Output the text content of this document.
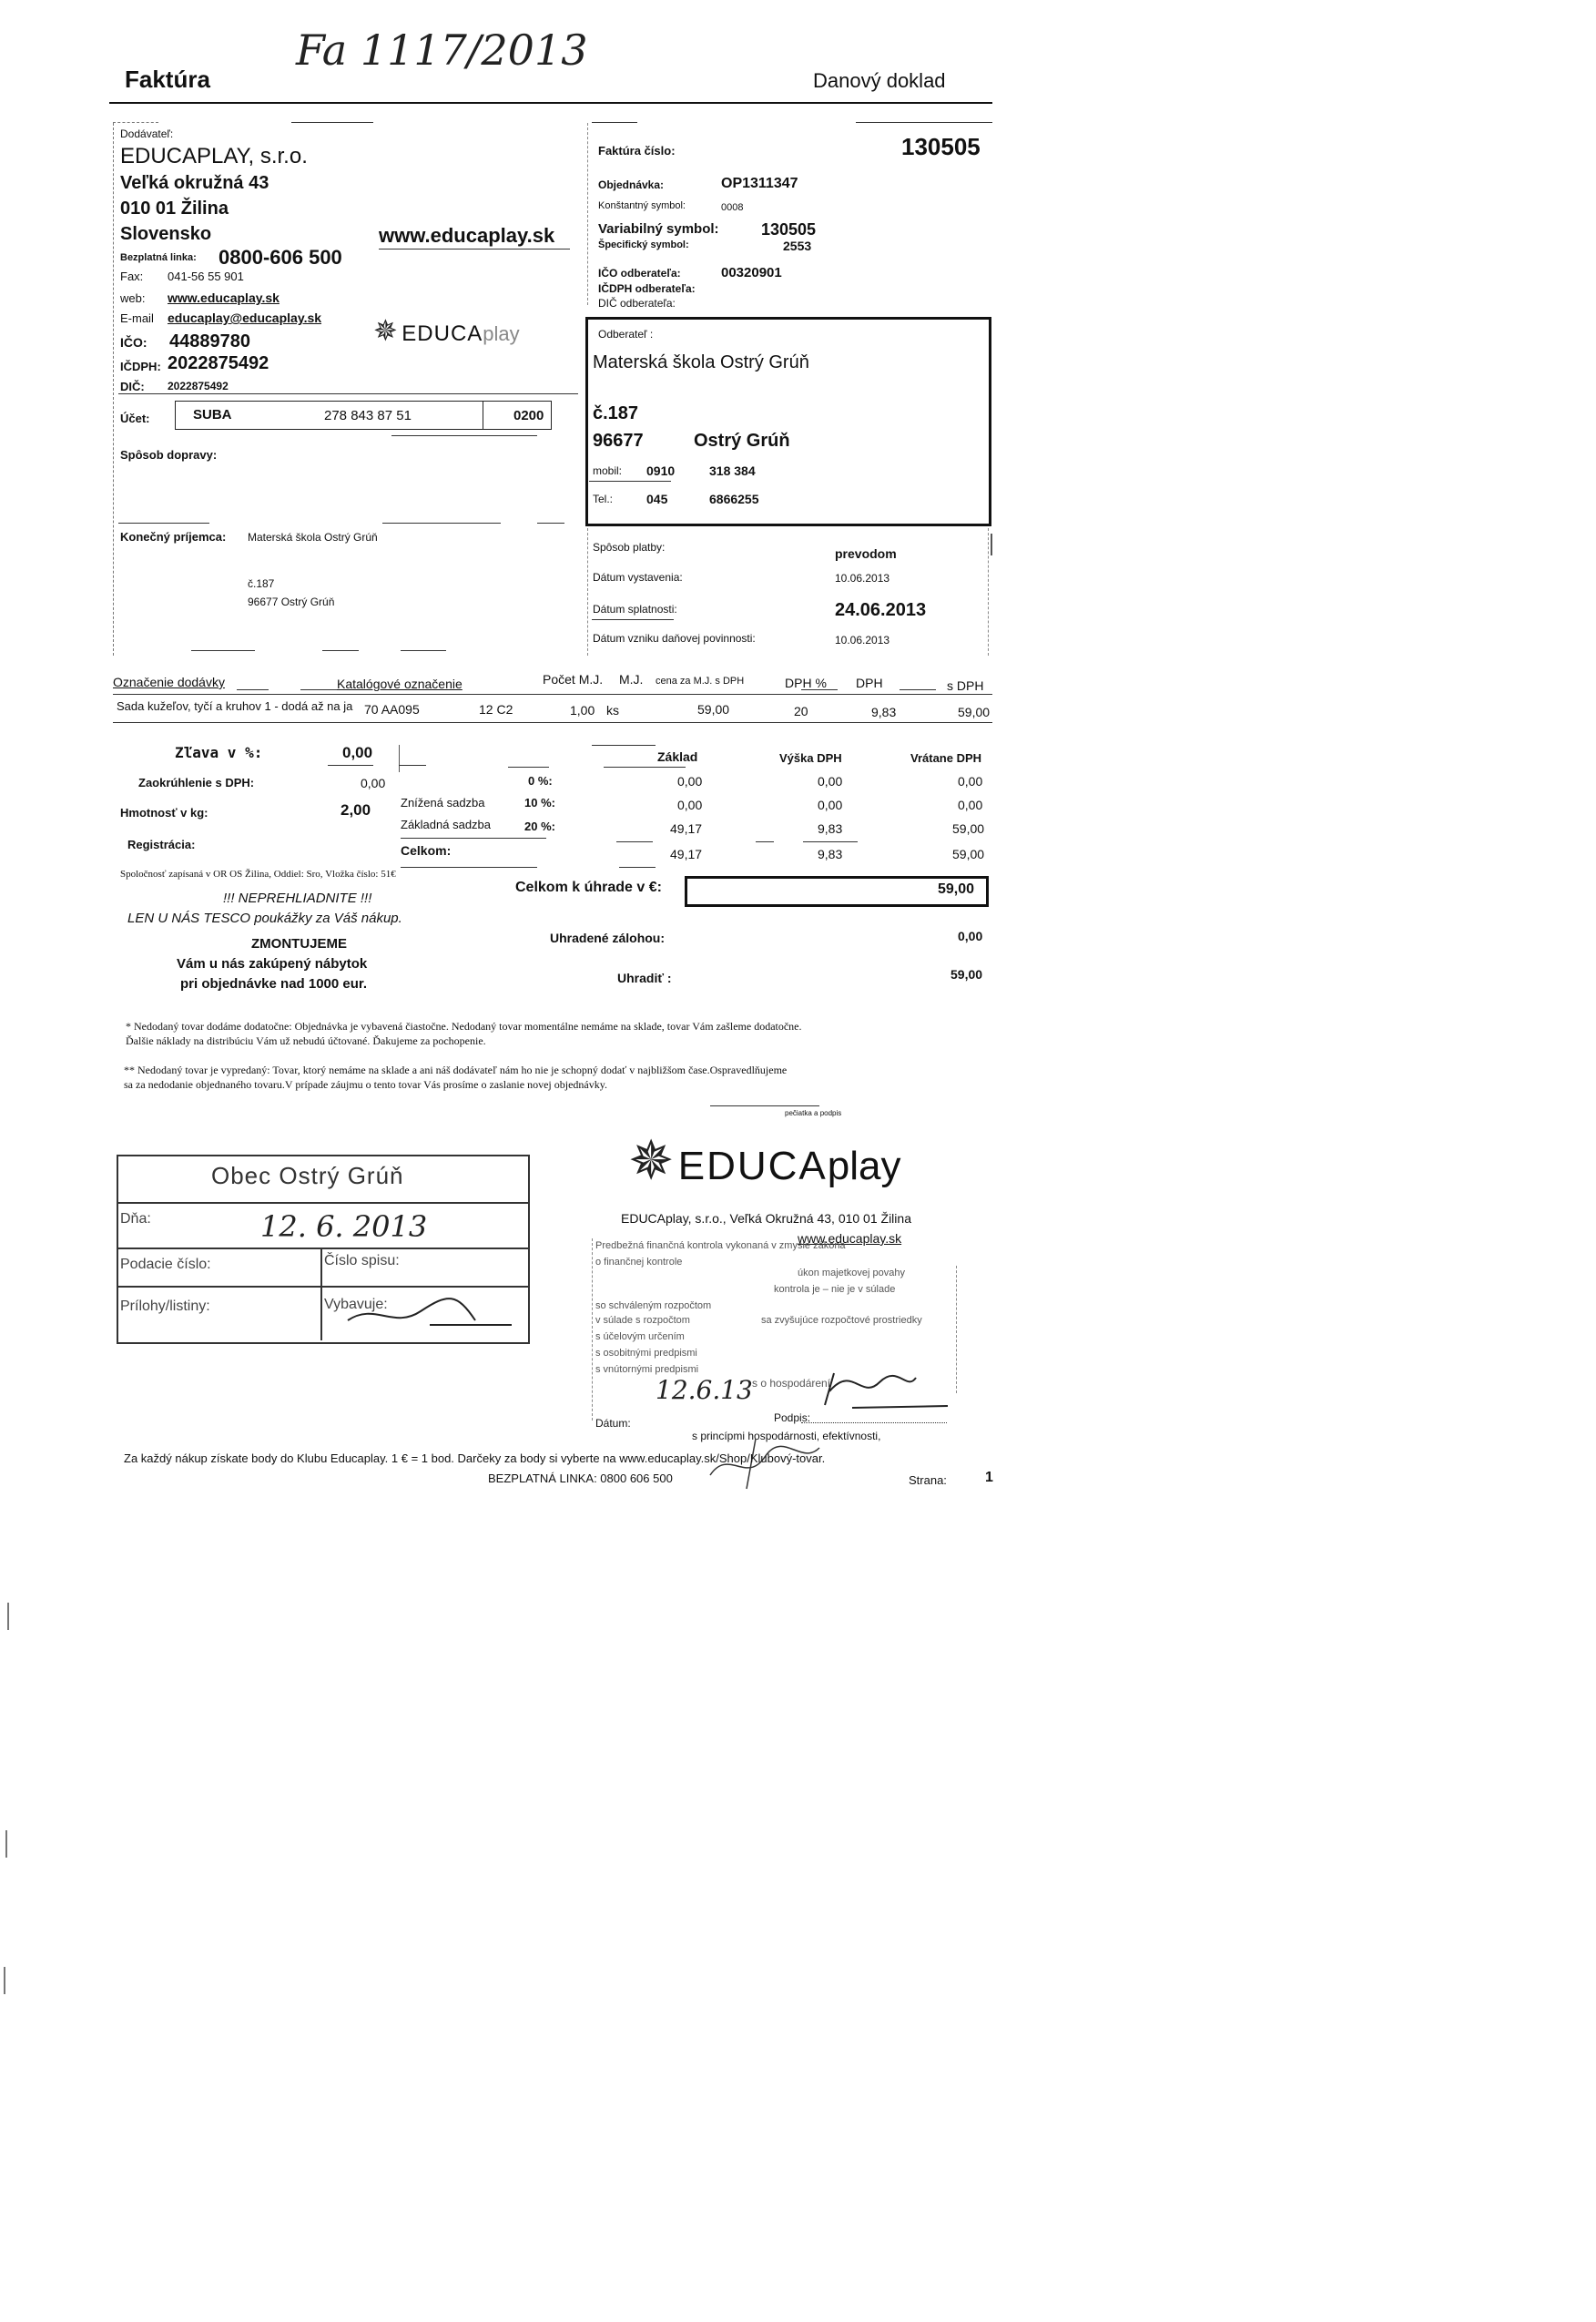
Faktúra
Fa 1117/2013
Danový doklad
Dodávateľ:
EDUCAPLAY, s.r.o.
Veľká okružná 43
010 01 Žilina
Slovensko	www.educaplay.sk
Bezplatná linka: 0800-606 500
Fax: 041-56 55 901
web: www.educaplay.sk
E-mail educaplay@educaplay.sk
IČO: 44889780
IČDPH: 2022875492
DIČ: 2022875492
✵ EDUCAplay
Účet:	SUBA	278 843 87 51	0200
Spôsob dopravy:
Konečný príjemca: Materská škola Ostrý Grúň
č.187
96677 Ostrý Grúň
Faktúra číslo:	130505
Objednávka:	OP1311347
Konštantný symbol:	0008
Variabilný symbol:	130505
Špecifický symbol:	2553
IČO odberateľa:	00320901
IČDPH odberateľa:
DIČ odberateľa:
Odberateľ :
Materská škola Ostrý Grúň
č.187
96677	Ostrý Grúň
mobil: 0910	318 384
Tel.:	045	6866255
Spôsob platby:	prevodom
Dátum vystavenia:	10.06.2013
Dátum splatnosti:	24.06.2013
Dátum vzniku daňovej povinnosti:	10.06.2013
Označenie dodávky	Katalógové označenie	Počet M.J. M.J. cena za M.J. s DPH	DPH % DPH	s DPH
Sada kužeľov, tyčí a kruhov 1 - dodá až na ja 70 AA095	12 C2	1,00 ks	59,00	20	9,83	59,00
Zľava v %:	0,00
Zaokrúhlenie s DPH:	0,00
Hmotnosť v kg:	2,00
Registrácia:
Spoločnosť zapísaná v OR OS Žilina, Oddiel: Sro, Vložka číslo: 51€
Základ	Výška DPH	Vrátane DPH
0 %:	0,00	0,00	0,00
Znížená sadzba	10 %:	0,00	0,00	0,00
Základná sadzba	20 %:	49,17	9,83	59,00
Celkom:	49,17	9,83	59,00
Celkom k úhrade v €:	59,00
Uhradené zálohou:	0,00
Uhradiť :	59,00
!!! NEPREHLIADNITE !!!
LEN U NÁS TESCO poukážky za Váš nákup.
ZMONTUJEME
Vám u nás zakúpený nábytok
pri objednávke nad 1000 eur.
* Nedodaný tovar dodáme dodatočne: Objednávka je vybavená čiastočne. Nedodaný tovar momentálne nemáme na sklade, tovar Vám zašleme dodatočne.
Ďalšie náklady na distribúciu Vám už nebudú účtované. Ďakujeme za pochopenie.
** Nedodaný tovar je vypredaný: Tovar, ktorý nemáme na sklade a ani náš dodávateľ nám ho nie je schopný dodať v najbližšom čase.Ospravedlňujeme
sa za nedodanie objednaného tovaru.V prípade záujmu o tento tovar Vás prosíme o zaslanie novej objednávky.
pečiatka a podpis
Obec Ostrý Grúň
Dňa:	12. 6. 2013
Podacie číslo:	Číslo spisu:
Prílohy/listiny:	Vybavuje:
✵ EDUCAplay
EDUCAplay, s.r.o., Veľká Okružná 43, 010 01 Žilina
www.educaplay.sk
Predbežná finančná kontrola vykonaná v zmysle zákona
o finančnej kontrole
úkon majetkovej povahy
kontrola je – nie je v súlade
so schváleným rozpočtom
v súlade s rozpočtom	sa zvyšujúce rozpočtové prostriedky
s účelovým určením
s osobitnými predpismi
s vnútornými predpismi
s o hospodárení
12.6.13
Dátum:	Podpis:
s princípmi hospodárnosti, efektívnosti,
Za každý nákup získate body do Klubu Educaplay. 1 € = 1 bod. Darčeky za body si vyberte na www.educaplay.sk/Shop/Klubový-tovar.
BEZPLATNÁ LINKA: 0800 606 500	Strana:	1
